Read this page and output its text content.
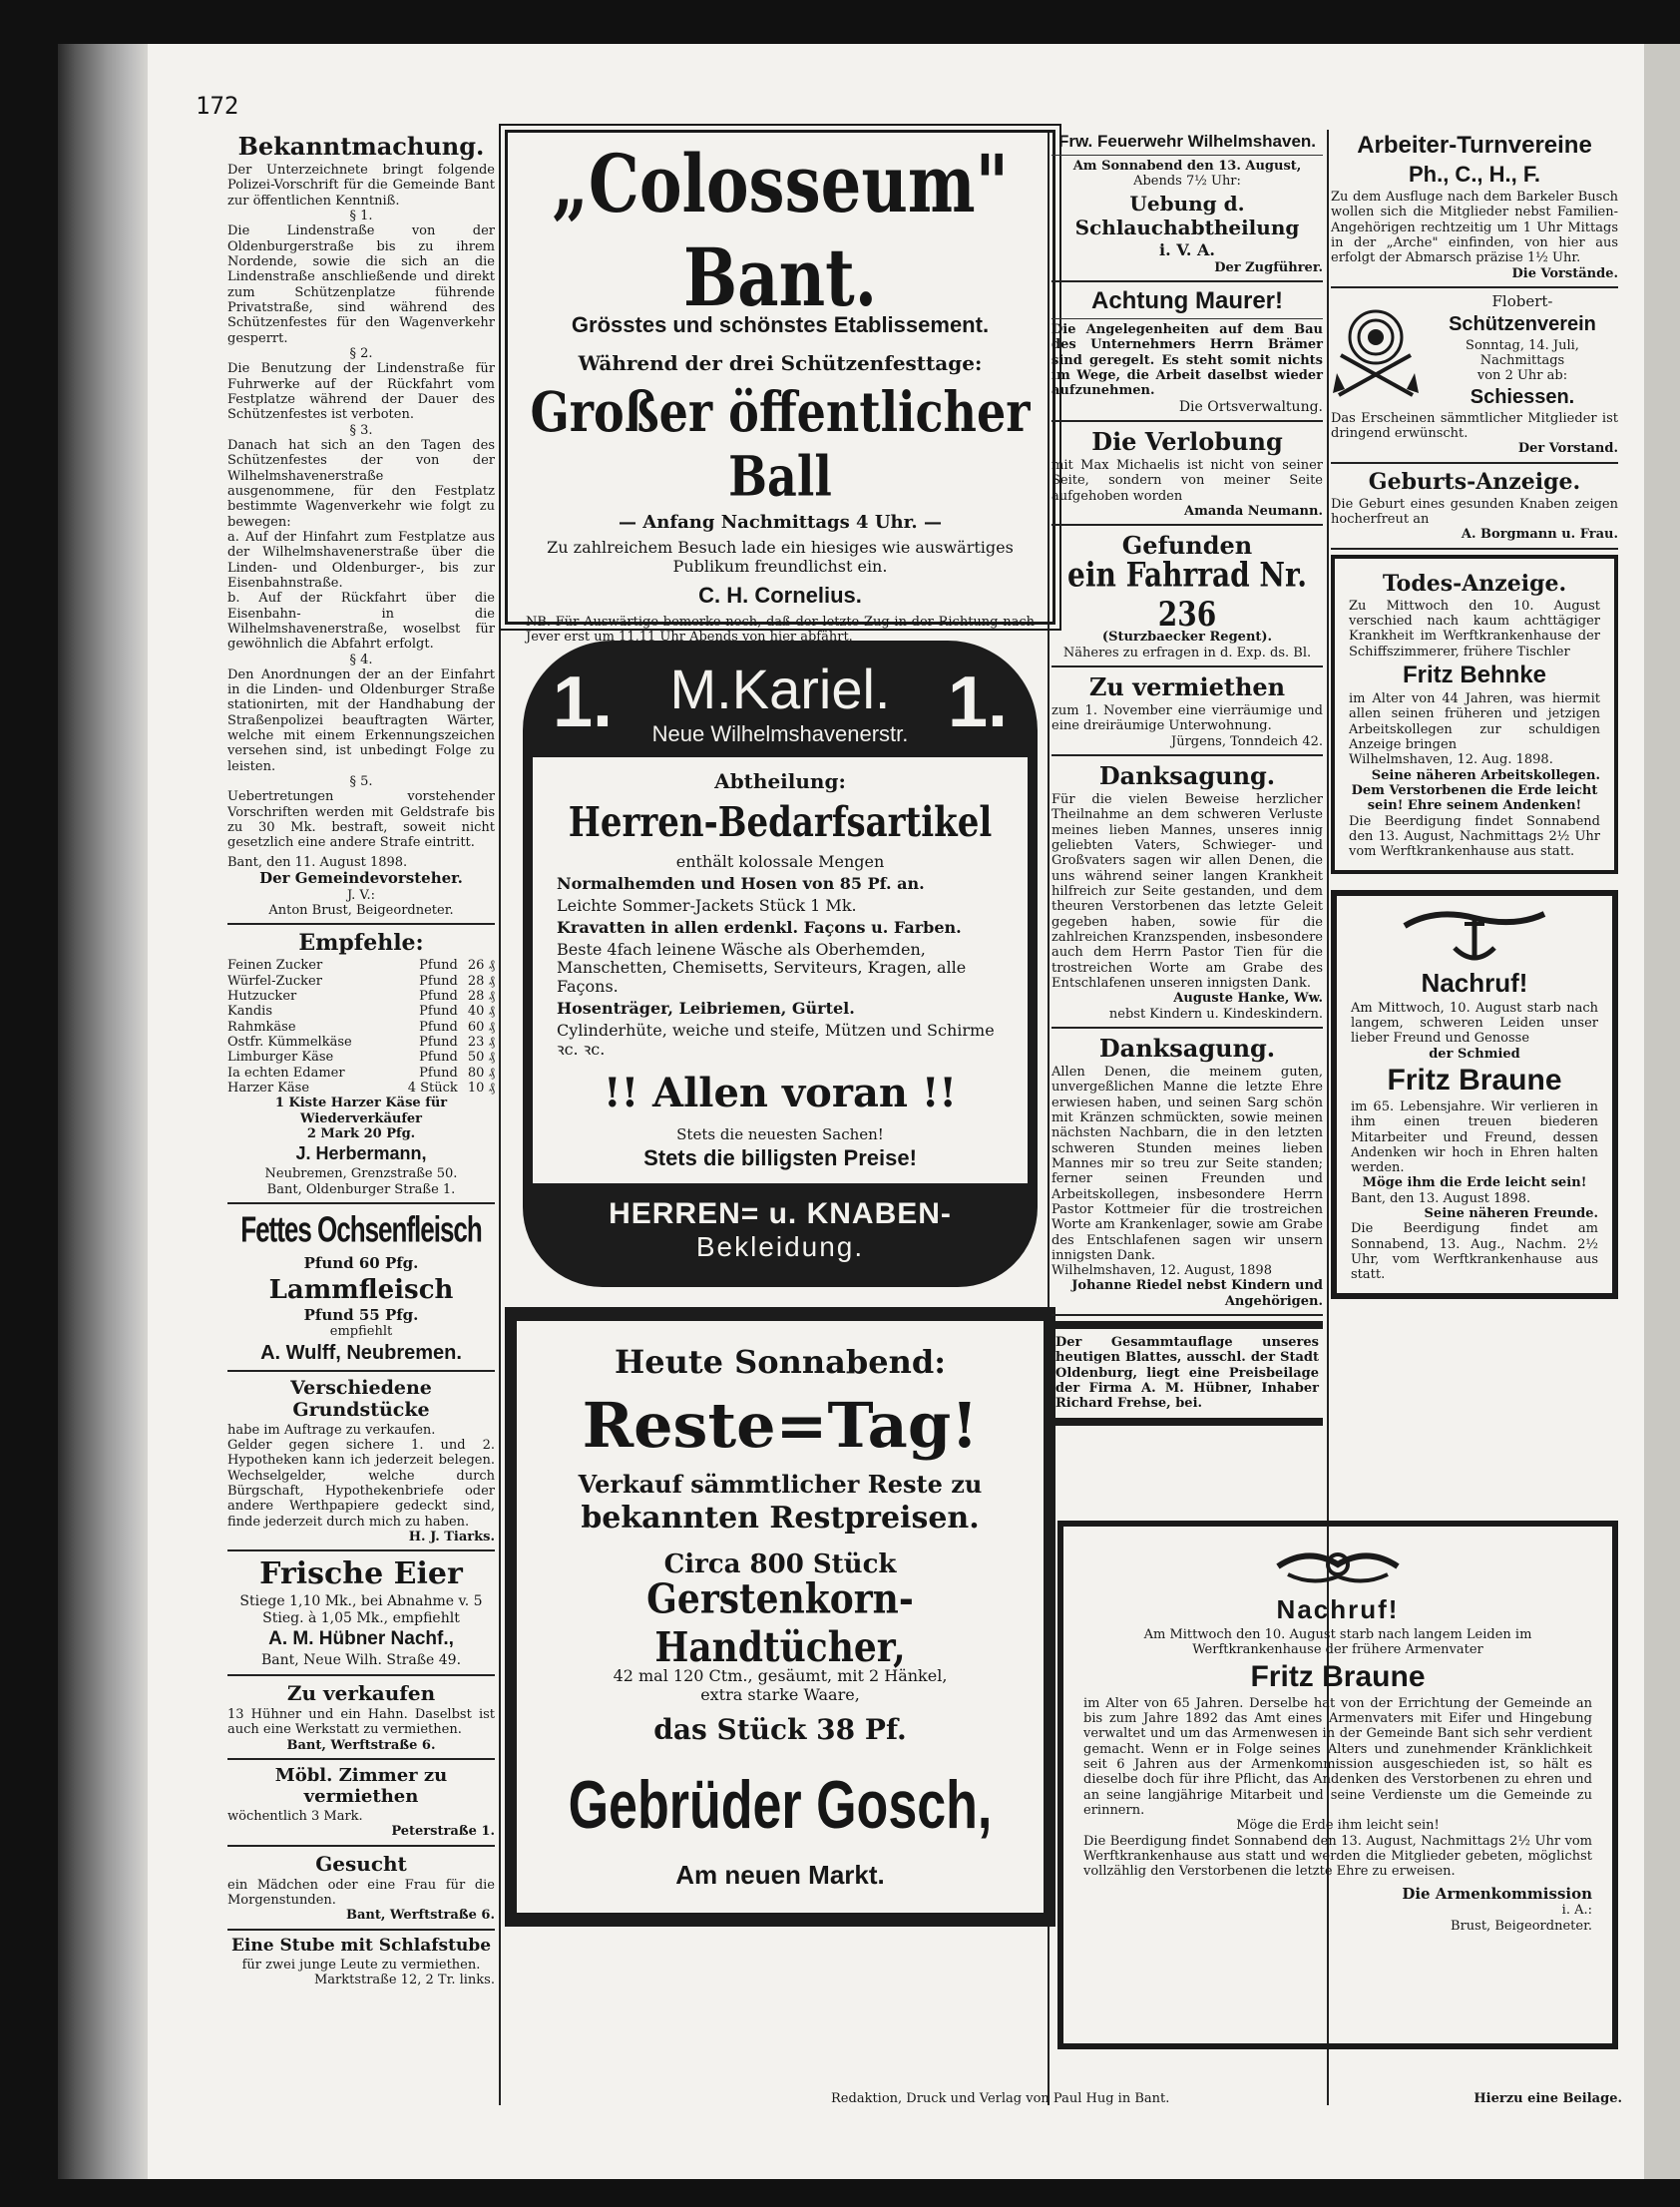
172

Bekanntmachung.

Der Unterzeichnete bringt folgende Polizei-Vorschrift für die Gemeinde Bant zur öffentlichen Kenntniß.

§ 1.

Die Lindenstraße von der Oldenburgerstraße bis zu ihrem Nordende, sowie die sich an die Lindenstraße anschließende und direkt zum Schützenplatze führende Privatstraße, sind während des Schützenfestes für den Wagenverkehr gesperrt.

§ 2.

Die Benutzung der Lindenstraße für Fuhrwerke auf der Rückfahrt vom Festplatze während der Dauer des Schützenfestes ist verboten.

§ 3.

Danach hat sich an den Tagen des Schützenfestes der von der Wilhelmshavenerstraße ausgenommene, für den Festplatz bestimmte Wagenverkehr wie folgt zu bewegen:

a. Auf der Hinfahrt zum Festplatze aus der Wilhelmshavenerstraße über die Linden- und Oldenburger-, bis zur Eisenbahnstraße.

b. Auf der Rückfahrt über die Eisenbahn- in die Wilhelmshavenerstraße, woselbst für gewöhnlich die Abfahrt erfolgt.

§ 4.

Den Anordnungen der an der Einfahrt in die Linden- und Oldenburger Straße stationirten, mit der Handhabung der Straßenpolizei beauftragten Wärter, welche mit einem Erkennungszeichen versehen sind, ist unbedingt Folge zu leisten.

§ 5.

Uebertretungen vorstehender Vorschriften werden mit Geldstrafe bis zu 30 Mk. bestraft, soweit nicht gesetzlich eine andere Strafe eintritt.

Bant, den 11. August 1898.

Der Gemeindevorsteher.

J. V.:

Anton Brust, Beigeordneter.

Empfehle:

Feinen Zucker	Pfund 26 ₰
Würfel-Zucker	Pfund 28 ₰
Hutzucker	Pfund 28 ₰
Kandis	Pfund 40 ₰
Rahmkäse	Pfund 60 ₰
Ostfr. Kümmelkäse	Pfund 23 ₰
Limburger Käse	Pfund 50 ₰
Ia echten Edamer	Pfund 80 ₰
Harzer Käse	4 Stück 10 ₰

1 Kiste Harzer Käse für Wiederverkäufer

2 Mark 20 Pfg.

J. Herbermann,

Neubremen, Grenzstraße 50.

Bant, Oldenburger Straße 1.

Fettes Ochsenfleisch

Pfund 60 Pfg.

Lammfleisch

Pfund 55 Pfg.

empfiehlt

A. Wulff, Neubremen.

Verschiedene Grundstücke

habe im Auftrage zu verkaufen.

Gelder gegen sichere 1. und 2. Hypotheken kann ich jederzeit belegen. Wechselgelder, welche durch Bürgschaft, Hypothekenbriefe oder andere Werthpapiere gedeckt sind, finde jederzeit durch mich zu haben.

H. J. Tiarks.

Frische Eier

Stiege 1,10 Mk., bei Abnahme v. 5 Stieg. à 1,05 Mk., empfiehlt

A. M. Hübner Nachf.,

Bant, Neue Wilh. Straße 49.

Zu verkaufen

13 Hühner und ein Hahn. Daselbst ist auch eine Werkstatt zu vermiethen.

Bant, Werftstraße 6.

Möbl. Zimmer zu vermiethen

wöchentlich 3 Mark.

Peterstraße 1.

Gesucht

ein Mädchen oder eine Frau für die Morgenstunden.

Bant, Werftstraße 6.

Eine Stube mit Schlafstube

für zwei junge Leute zu vermiethen.

Marktstraße 12, 2 Tr. links.

„Colosseum" Bant.

Grösstes und schönstes Etablissement.

Während der drei Schützenfesttage:

Großer öffentlicher Ball

— Anfang Nachmittags 4 Uhr. —

Zu zahlreichem Besuch lade ein hiesiges wie auswärtiges Publikum freundlichst ein.

C. H. Cornelius.

NB. Für Auswärtige bemerke noch, daß der letzte Zug in der Richtung nach Jever erst um 11,11 Uhr Abends von hier abfährt.

1.	M.Kariel.
Neue Wilhelmshavenerstr. 1.

Abtheilung:

Herren-Bedarfsartikel

enthält kolossale Mengen

Normalhemden und Hosen von 85 Pf. an.

Leichte Sommer-Jackets Stück 1 Mk.

Kravatten in allen erdenkl. Façons u. Farben.

Beste 4fach leinene Wäsche als Oberhemden, Manschetten, Chemisetts, Serviteurs, Kragen, alle Façons.

Hosenträger, Leibriemen, Gürtel.

Cylinderhüte, weiche und steife, Mützen und Schirme ꝛc. ꝛc.

!! Allen voran !!

Stets die neuesten Sachen!

Stets die billigsten Preise!

HERREN= u. KNABEN-
Bekleidung.

Heute Sonnabend:

Reste=Tag!

Verkauf sämmtlicher Reste zu

bekannten Restpreisen.

Circa 800 Stück

Gerstenkorn-Handtücher,

42 mal 120 Ctm., gesäumt, mit 2 Hänkel,

extra starke Waare,

das Stück 38 Pf.

Gebrüder Gosch,

Am neuen Markt.

Frw. Feuerwehr Wilhelmshaven.

Am Sonnabend den 13. August,

Abends 7½ Uhr:

Uebung d. Schlauchabtheilung

i. V. A.

Der Zugführer.

Achtung Maurer!

Die Angelegenheiten auf dem Bau des Unternehmers Herrn Brämer sind geregelt. Es steht somit nichts im Wege, die Arbeit daselbst wieder aufzunehmen.

Die Ortsverwaltung.

Die Verlobung

mit Max Michaelis ist nicht von seiner Seite, sondern von meiner Seite aufgehoben worden

Amanda Neumann.

Gefunden

ein Fahrrad Nr. 236

(Sturzbaecker Regent).

Näheres zu erfragen in d. Exp. ds. Bl.

Zu vermiethen

zum 1. November eine vierräumige und eine dreiräumige Unterwohnung.

Jürgens, Tonndeich 42.

Danksagung.

Für die vielen Beweise herzlicher Theilnahme an dem schweren Verluste meines lieben Mannes, unseres innig geliebten Vaters, Schwieger- und Großvaters sagen wir allen Denen, die uns während seiner langen Krankheit hilfreich zur Seite gestanden, und dem theuren Verstorbenen das letzte Geleit gegeben haben, sowie für die zahlreichen Kranzspenden, insbesondere auch dem Herrn Pastor Tien für die trostreichen Worte am Grabe des Entschlafenen unseren innigsten Dank.

Auguste Hanke, Ww.

nebst Kindern u. Kindeskindern.

Danksagung.

Allen Denen, die meinem guten, unvergeßlichen Manne die letzte Ehre erwiesen haben, und seinen Sarg schön mit Kränzen schmückten, sowie meinen nächsten Nachbarn, die in den letzten schweren Stunden meines lieben Mannes mir so treu zur Seite standen; ferner seinen Freunden und Arbeitskollegen, insbesondere Herrn Pastor Kottmeier für die trostreichen Worte am Krankenlager, sowie am Grabe des Entschlafenen sagen wir unsern innigsten Dank.

Wilhelmshaven, 12. August, 1898

Johanne Riedel nebst Kindern und Angehörigen.

Der Gesammtauflage unseres heutigen Blattes, ausschl. der Stadt Oldenburg, liegt eine Preisbeilage der Firma A. M. Hübner, Inhaber Richard Frehse, bei.

Arbeiter-Turnvereine

Ph., C., H., F.

Zu dem Ausfluge nach dem Barkeler Busch wollen sich die Mitglieder nebst Familien-Angehörigen rechtzeitig um 1 Uhr Mittags in der „Arche" einfinden, von hier aus erfolgt der Abmarsch präzise 1½ Uhr.

Die Vorstände.

Flobert-

Schützenverein

Sonntag, 14. Juli,

Nachmittags

von 2 Uhr ab:

Schiessen.

Das Erscheinen sämmtlicher Mitglieder ist dringend erwünscht.

Der Vorstand.

Geburts-Anzeige.

Die Geburt eines gesunden Knaben zeigen hocherfreut an

A. Borgmann u. Frau.

Todes-Anzeige.

Zu Mittwoch den 10. August verschied nach kaum achttägiger Krankheit im Werftkrankenhause der Schiffszimmerer, frühere Tischler

Fritz Behnke

im Alter von 44 Jahren, was hiermit allen seinen früheren und jetzigen Arbeitskollegen zur schuldigen Anzeige bringen

Wilhelmshaven, 12. Aug. 1898.

Seine näheren Arbeitskollegen.

Dem Verstorbenen die Erde leicht sein! Ehre seinem Andenken!

Die Beerdigung findet Sonnabend den 13. August, Nachmittags 2½ Uhr vom Werftkrankenhause aus statt.

Nachruf!

Am Mittwoch, 10. August starb nach langem, schweren Leiden unser lieber Freund und Genosse

der Schmied

Fritz Braune

im 65. Lebensjahre. Wir verlieren in ihm einen treuen biederen Mitarbeiter und Freund, dessen Andenken wir hoch in Ehren halten werden.

Möge ihm die Erde leicht sein!

Bant, den 13. August 1898.

Seine näheren Freunde.

Die Beerdigung findet am Sonnabend, 13. Aug., Nachm. 2½ Uhr, vom Werftkrankenhause aus statt.

Nachruf!

Am Mittwoch den 10. August starb nach langem Leiden im Werftkrankenhause der frühere Armenvater

Fritz Braune

im Alter von 65 Jahren. Derselbe hat von der Errichtung der Gemeinde an bis zum Jahre 1892 das Amt eines Armenvaters mit Eifer und Hingebung verwaltet und um das Armenwesen in der Gemeinde Bant sich sehr verdient gemacht. Wenn er in Folge seines Alters und zunehmender Kränklichkeit seit 6 Jahren aus der Armenkommission ausgeschieden ist, so hält es dieselbe doch für ihre Pflicht, das Andenken des Verstorbenen zu ehren und an seine langjährige Mitarbeit und seine Verdienste um die Gemeinde zu erinnern.

Möge die Erde ihm leicht sein!

Die Beerdigung findet Sonnabend den 13. August, Nachmittags 2½ Uhr vom Werftkrankenhause aus statt und werden die Mitglieder gebeten, möglichst vollzählig den Verstorbenen die letzte Ehre zu erweisen.

Die Armenkommission

i. A.:

Brust, Beigeordneter.

Redaktion, Druck und Verlag von Paul Hug in Bant.	Hierzu eine Beilage.
